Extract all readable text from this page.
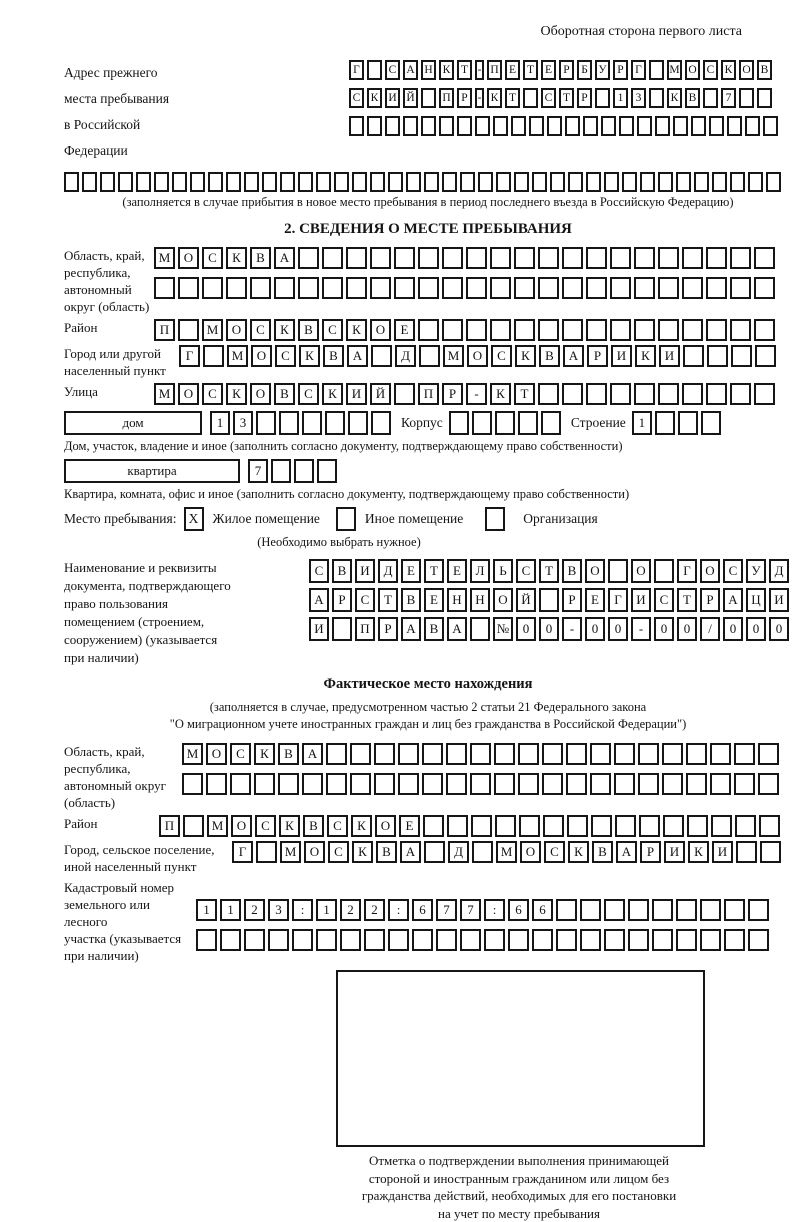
Оборотная сторона первого листа
Адрес прежнего
места пребывания
в Российской
Федерации
Г	С А Н К Т - П Е Т Е Р Б У Р Г	М О С К О В
С К И Й П Р - К Т	С Т Р	1	3	К В	7
(заполняется в случае прибытия в новое место пребывания в период последнего въезда в Российскую Федерацию)
2. СВЕДЕНИЯ О МЕСТЕ ПРЕБЫВАНИЯ
Область, край,
республика,
автономный
округ (область)
М	О	С	К	В	А
Район	П	М	О	С	К	В	С	К	О	Е
Город или другой
населенный пункт
Г	М	О	С	К	В	А	Д	М	О	С	К	В	А	Р	И	К	И
Улица	М	О	С	К	О	В	С	К	И	Й	П	Р	-	К	Т
дом	1	3	Корпус	Строение 1
Дом, участок, владение и иное (заполнить согласно документу, подтверждающему право собственности)
квартира	7
Квартира, комната, офис и иное (заполнить согласно документу, подтверждающему право собственности)
Место пребывания: X	Жилое помещение	Иное помещение	Организация
(Необходимо выбрать нужное)
Наименование и реквизиты
документа, подтверждающего
право пользования
помещением (строением,
сооружением) (указывается
при наличии)
С	В	И	Д	Е	Т	Е	Л	Ь	С	Т	В	О	О	Г	О	С	У	Д
А	Р	С	Т	В	Е	Н	Н	О	Й	Р	Е	Г	И	С	Т	Р	А	Ц	И
И	П	Р	А	В	А	№	0	0	-	0	0	-	0	0	/	0	0	0
Фактическое место нахождения
(заполняется в случае, предусмотренном частью 2 статьи 21 Федерального закона
"О миграционном учете иностранных граждан и лиц без гражданства в Российской Федерации")
Область, край,
республика,
автономный округ
(область)
М	О	С	К	В	А
Район	П	М	О	С	К	В	С	К	О	Е
Город, сельское поселение,
иной населенный пункт
Г	М	О	С	К	В	А	Д	М	О	С	К	В	А	Р	И	К	И
Кадастровый номер
земельного или лесного
участка (указывается
при наличии)
1	1	2	3	:	1	2	2	:	6	7	7	:	6	6
Отметка о подтверждении выполнения принимающей
стороной и иностранным гражданином или лицом без
гражданства действий, необходимых для его постановки
на учет по месту пребывания
